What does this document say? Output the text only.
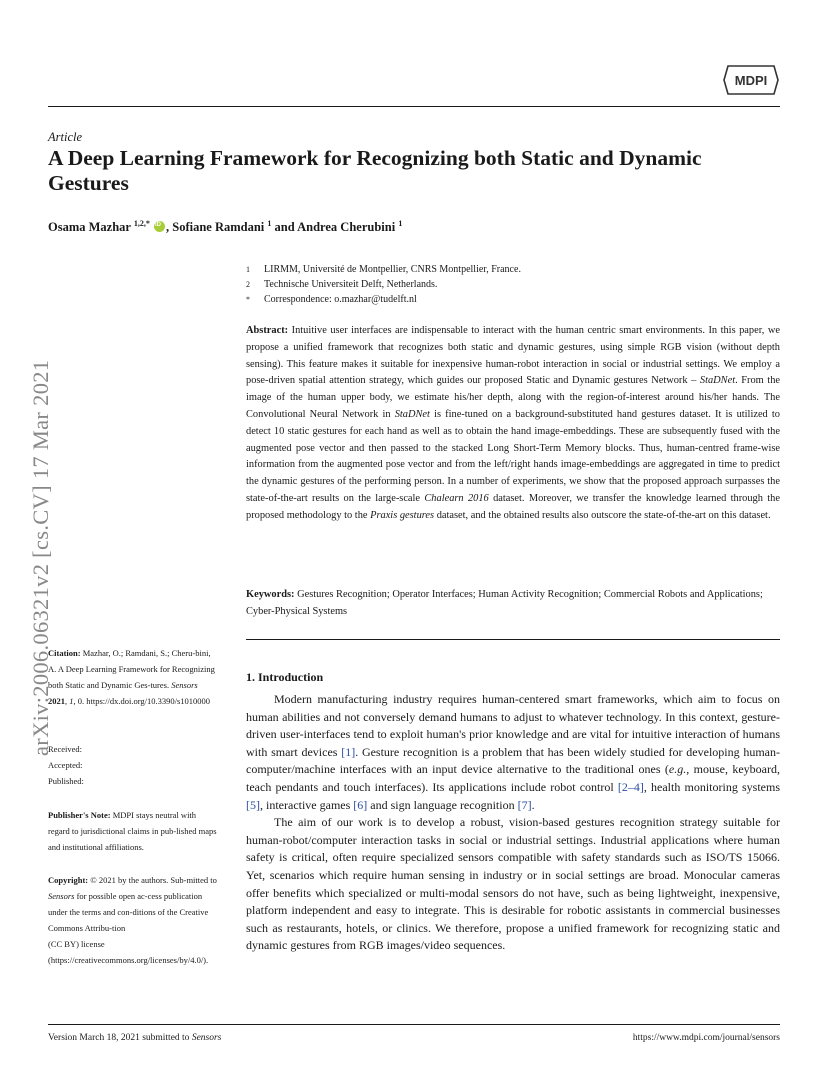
MDPI
Article
A Deep Learning Framework for Recognizing both Static and Dynamic Gestures
Osama Mazhar $^{1,2,*}$ iD , Sofiane Ramdani $^1$ and Andrea Cherubini $^1$
1	LIRMM, Université de Montpellier, CNRS Montpellier, France.
2	Technische Universiteit Delft, Netherlands.
*	Correspondence: o.mazhar@tudelft.nl
Abstract: Intuitive user interfaces are indispensable to interact with the human centric smart environments. In this paper, we propose a unified framework that recognizes both static and dynamic gestures, using simple RGB vision (without depth sensing). This feature makes it suitable for inexpensive human-robot interaction in social or industrial settings. We employ a pose-driven spatial attention strategy, which guides our proposed Static and Dynamic gestures Network – StaDNet. From the image of the human upper body, we estimate his/her depth, along with the region-of-interest around his/her hands. The Convolutional Neural Network in StaDNet is fine-tuned on a background-substituted hand gestures dataset. It is utilized to detect 10 static gestures for each hand as well as to obtain the hand image-embeddings. These are subsequently fused with the augmented pose vector and then passed to the stacked Long Short-Term Memory blocks. Thus, human-centred frame-wise information from the augmented pose vector and from the left/right hands image-embeddings are aggregated in time to predict the dynamic gestures of the performing person. In a number of experiments, we show that the proposed approach surpasses the state-of-the-art results on the large-scale Chalearn 2016 dataset. Moreover, we transfer the knowledge learned through the proposed methodology to the Praxis gestures dataset, and the obtained results also outscore the state-of-the-art on this dataset.
Keywords: Gestures Recognition; Operator Interfaces; Human Activity Recognition; Commercial Robots and Applications; Cyber-Physical Systems
arXiv:2006.06321v2 [cs.CV] 17 Mar 2021
Citation: Mazhar, O.; Ramdani, S.; Cheru-bini, A. A Deep Learning Framework for Recognizing both Static and Dynamic Ges-tures. Sensors 2021, 1, 0. https://dx.doi.org/10.3390/s1010000
Received:
Accepted:
Published:
Publisher's Note: MDPI stays neutral with regard to jurisdictional claims in pub-lished maps and institutional affiliations.
Copyright: © 2021 by the authors. Sub-mitted to Sensors for possible open ac-cess publication under the terms and con-ditions of the Creative Commons Attribu-tion
(CC BY) license (https://creativecommons.org/licenses/by/4.0/).
1. Introduction

Modern manufacturing industry requires human-centered smart frameworks, which aim to focus on human abilities and not conversely demand humans to adjust to whatever technology. In this context, gesture-driven user-interfaces tend to exploit human's prior knowledge and are vital for intuitive interaction of humans with smart devices [1]. Gesture recognition is a problem that has been widely studied for developing human-computer/machine interfaces with an input device alternative to the traditional ones (e.g., mouse, keyboard, teach pendants and touch interfaces). Its applications include robot control [2–4], health monitoring systems [5], interactive games [6] and sign language recognition [7].

The aim of our work is to develop a robust, vision-based gestures recognition strategy suitable for human-robot/computer interaction tasks in social or industrial settings. Industrial applications where human safety is critical, often require specialized sensors compatible with safety standards such as ISO/TS 15066. Yet, scenarios which require human sensing in industry or in social settings are broad. Monocular cameras offer benefits which specialized or multi-modal sensors do not have, such as being lightweight, inexpensive, platform independent and easy to integrate. This is desirable for robotic assistants in commercial businesses such as restaurants, hotels, or clinics. We therefore, propose a unified framework for recognizing static and dynamic gestures from RGB images/video sequences.

Version March 18, 2021 submitted to Sensors	https://www.mdpi.com/journal/sensors
